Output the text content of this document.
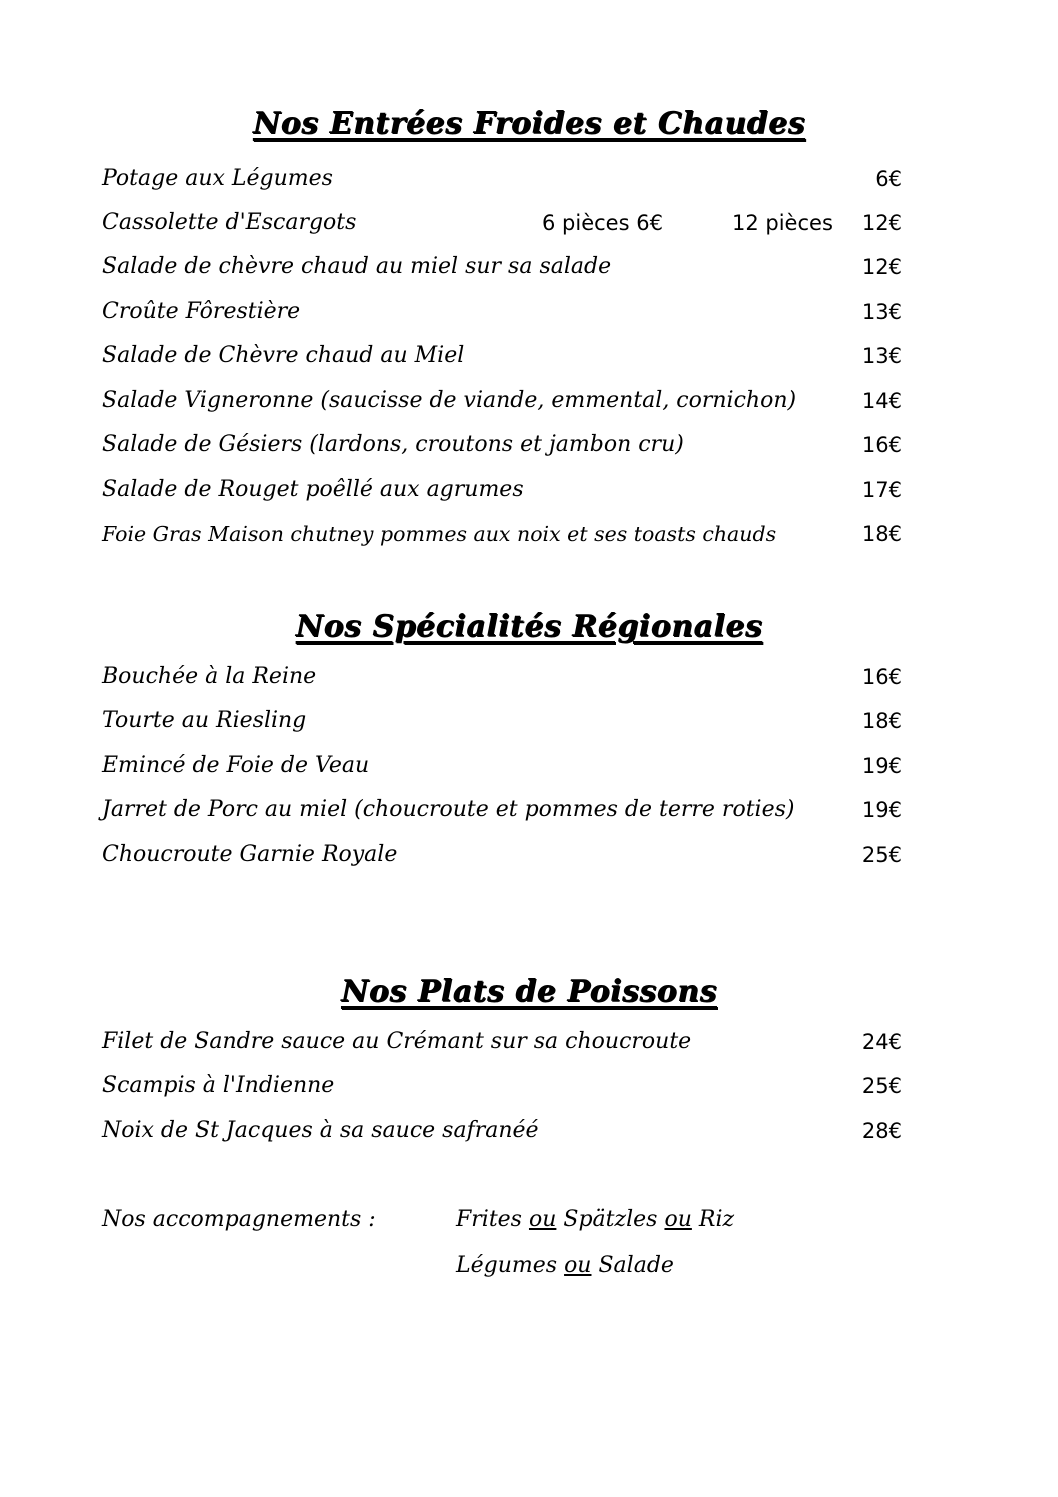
Nos Entrées Froides et Chaudes
Potage aux Légumes	6€
Cassolette d'Escargots	6 pièces 6€	12 pièces 12€
Salade de chèvre chaud au miel sur sa salade	12€
Croûte Fôrestière	13€
Salade de Chèvre chaud au Miel	13€
Salade Vigneronne (saucisse de viande, emmental, cornichon)	14€
Salade de Gésiers (lardons, croutons et jambon cru)	16€
Salade de Rouget poêllé aux agrumes	17€
Foie Gras Maison chutney pommes aux noix et ses toasts chauds	18€
Nos Spécialités Régionales
Bouchée à la Reine	16€
Tourte au Riesling	18€
Emincé de Foie de Veau	19€
Jarret de Porc au miel (choucroute et pommes de terre roties)	19€
Choucroute Garnie Royale	25€
Nos Plats de Poissons
Filet de Sandre sauce au Crémant sur sa choucroute	24€
Scampis à l'Indienne	25€
Noix de St Jacques à sa sauce safranéé	28€
Nos accompagnements :	Frites ou Spätzles ou Riz
Légumes ou Salade
